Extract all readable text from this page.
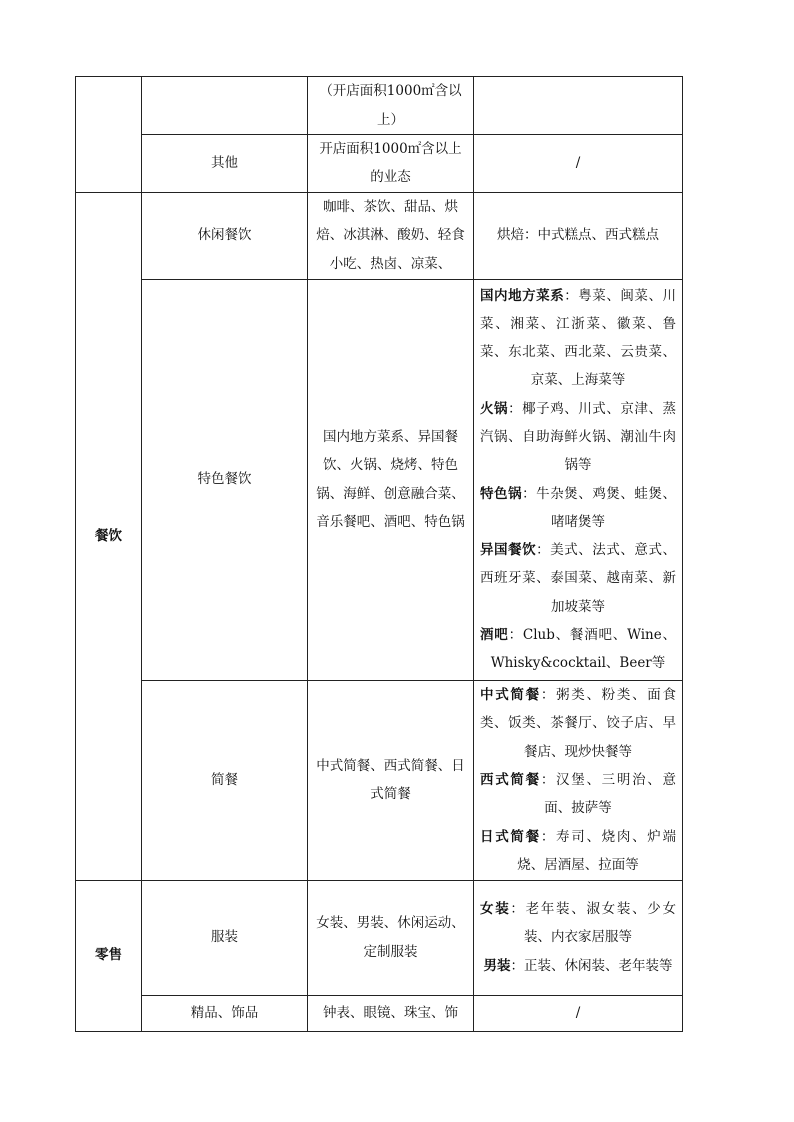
		（开店面积1000㎡含以上）	
	其他	开店面积1000㎡含以上的业态	/
餐饮	休闲餐饮	咖啡、茶饮、甜品、烘焙、冰淇淋、酸奶、轻食小吃、热卤、凉菜、	烘焙：中式糕点、西式糕点
	特色餐饮	国内地方菜系、异国餐饮、火锅、烧烤、特色锅、海鲜、创意融合菜、音乐餐吧、酒吧、特色锅	国内地方菜系：粤菜、闽菜、川菜、湘菜、江浙菜、徽菜、鲁菜、东北菜、西北菜、云贵菜、京菜、上海菜等
火锅：椰子鸡、川式、京津、蒸汽锅、自助海鲜火锅、潮汕牛肉锅等
特色锅：牛杂煲、鸡煲、蛙煲、啫啫煲等
异国餐饮：美式、法式、意式、西班牙菜、泰国菜、越南菜、新加坡菜等
酒吧：Club、餐酒吧、Wine、Whisky&cocktail、Beer等

	简餐	中式简餐、西式简餐、日式简餐	中式简餐：粥类、粉类、面食类、饭类、茶餐厅、饺子店、早餐店、现炒快餐等
西式简餐：汉堡、三明治、意面、披萨等
日式简餐：寿司、烧肉、炉端烧、居酒屋、拉面等

零售	服装	女装、男装、休闲运动、定制服装	女装：老年装、淑女装、少女装、内衣家居服等
男装：正装、休闲装、老年装等

	精品、饰品	钟表、眼镜、珠宝、饰	/
